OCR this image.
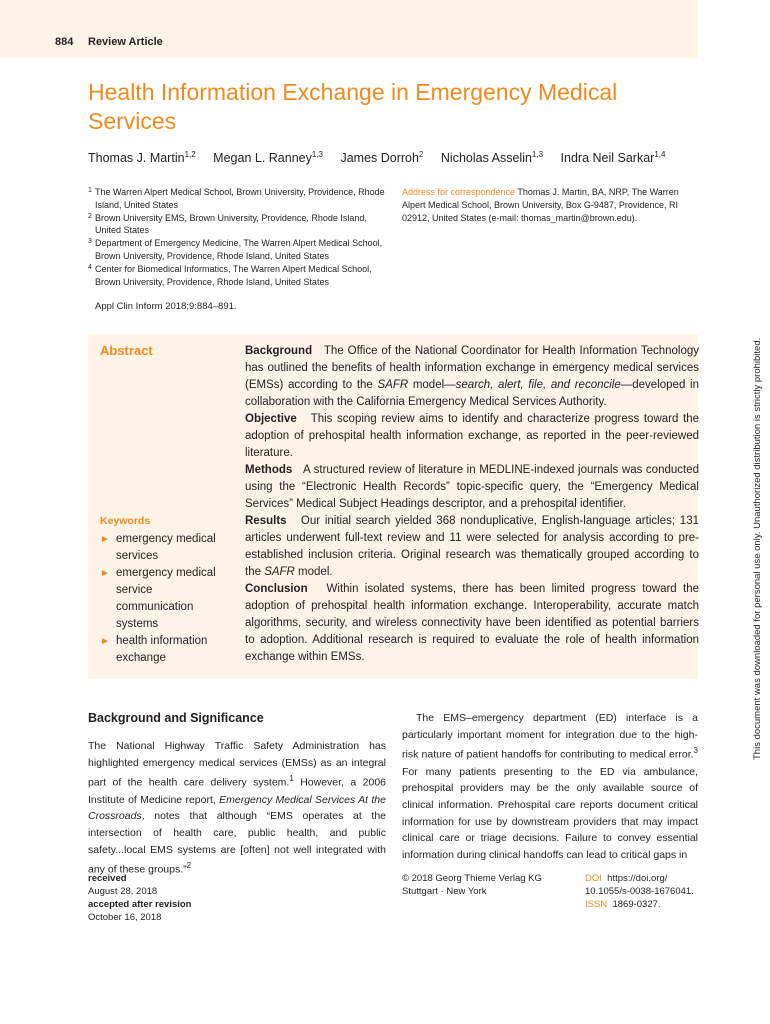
884 Review Article
Health Information Exchange in Emergency Medical Services
Thomas J. Martin$^{1,2}$ Megan L. Ranney$^{1,3}$ James Dorroh$^2$ Nicholas Asselin$^{1,3}$ Indra Neil Sarkar$^{1,4}$
1 The Warren Alpert Medical School, Brown University, Providence, Rhode Island, United States
2 Brown University EMS, Brown University, Providence, Rhode Island, United States
3 Department of Emergency Medicine, The Warren Alpert Medical School, Brown University, Providence, Rhode Island, United States
4 Center for Biomedical Informatics, The Warren Alpert Medical School, Brown University, Providence, Rhode Island, United States
Address for correspondence Thomas J. Martin, BA, NRP, The Warren Alpert Medical School, Brown University, Box G-9487, Providence, RI 02912, United States (e-mail: thomas_martin@brown.edu).
Appl Clin Inform 2018;9:884–891.
Abstract
Keywords
► emergency medical services
► emergency medical service communication systems
► health information exchange

Background The Office of the National Coordinator for Health Information Technology has outlined the benefits of health information exchange in emergency medical services (EMSs) according to the SAFR model—search, alert, file, and reconcile—developed in collaboration with the California Emergency Medical Services Authority.

Objective This scoping review aims to identify and characterize progress toward the adoption of prehospital health information exchange, as reported in the peer-reviewed literature.

Methods A structured review of literature in MEDLINE-indexed journals was conducted using the “Electronic Health Records” topic-specific query, the “Emergency Medical Services” Medical Subject Headings descriptor, and a prehospital identifier.

Results Our initial search yielded 368 nonduplicative, English-language articles; 131 articles underwent full-text review and 11 were selected for analysis according to pre-established inclusion criteria. Original research was thematically grouped according to the SAFR model.

Conclusion Within isolated systems, there has been limited progress toward the adoption of prehospital health information exchange. Interoperability, accurate match algorithms, security, and wireless connectivity have been identified as potential barriers to adoption. Additional research is required to evaluate the role of health information exchange within EMSs.	This document was downloaded for personal use only. Unauthorized distribution is strictly prohibited.
Background and Significance

The National Highway Traffic Safety Administration has highlighted emergency medical services (EMSs) as an integral part of the health care delivery system.$^1$ However, a 2006 Institute of Medicine report, Emergency Medical Services At the Crossroads, notes that although “EMS operates at the intersection of health care, public health, and public safety...local EMS systems are [often] not well integrated with any of these groups.”$^2$

The EMS–emergency department (ED) interface is a particularly important moment for integration due to the high-risk nature of patient handoffs for contributing to medical error.$^3$ For many patients presenting to the ED via ambulance, prehospital providers may be the only available source of clinical information. Prehospital care reports document critical information for use by downstream providers that may impact clinical care or triage decisions. Failure to convey essential information during clinical handoffs can lead to critical gaps in

received
August 28, 2018
accepted after revision
October 16, 2018
© 2018 Georg Thieme Verlag KG
Stuttgart · New York
DOI https://doi.org/
10.1055/s-0038-1676041.
ISSN 1869-0327.
